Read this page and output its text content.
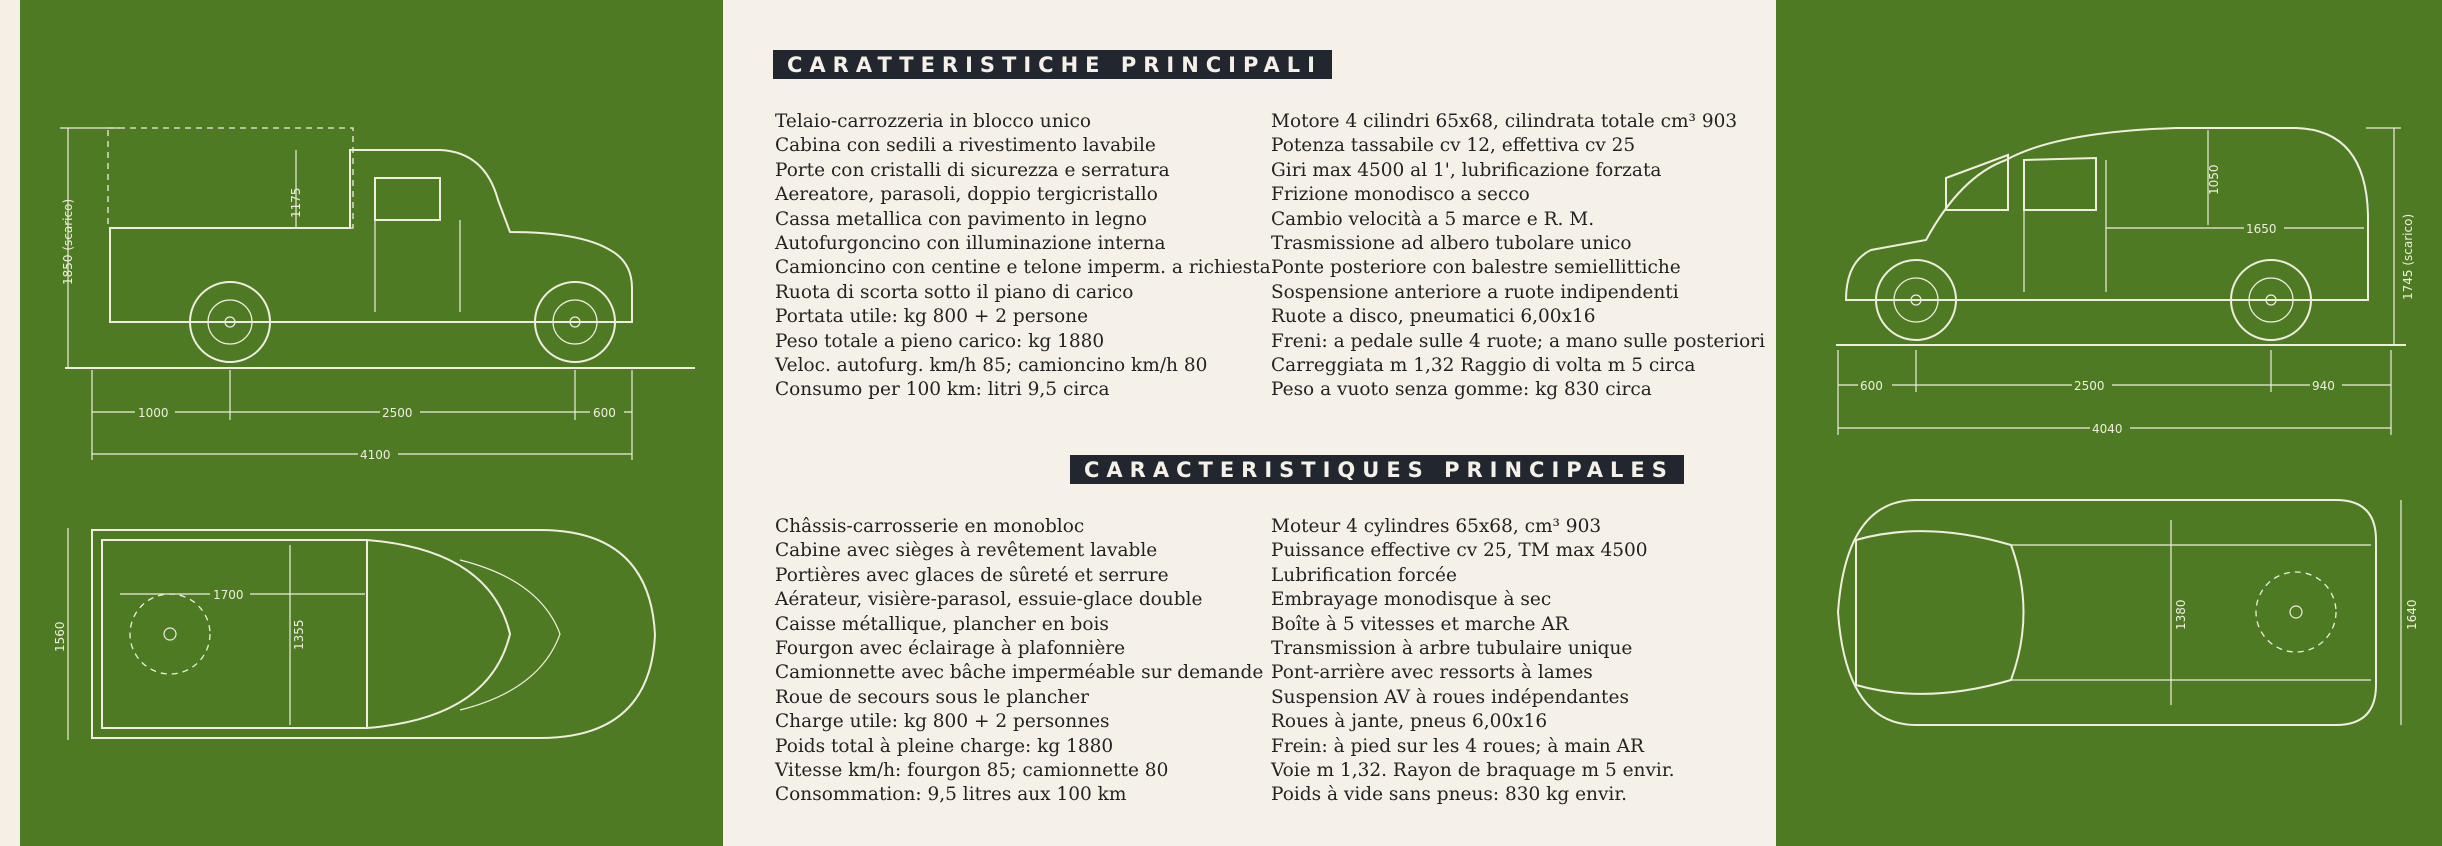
1850 (scarico)	1175
1000	2500	600
4100
1560
1700
1355
CARATTERISTICHE PRINCIPALI
Telaio-carrozzeria in blocco unico
Cabina con sedili a rivestimento lavabile
Porte con cristalli di sicurezza e serratura
Aereatore, parasoli, doppio tergicristallo
Cassa metallica con pavimento in legno
Autofurgoncino con illuminazione interna
Camioncino con centine e telone imperm. a richiesta
Ruota di scorta sotto il piano di carico
Portata utile: kg 800 + 2 persone
Peso totale a pieno carico: kg 1880
Veloc. autofurg. km/h 85; camioncino km/h 80
Consumo per 100 km: litri 9,5 circa
Motore 4 cilindri 65x68, cilindrata totale cm³ 903
Potenza tassabile cv 12, effettiva cv 25
Giri max 4500 al 1', lubrificazione forzata
Frizione monodisco a secco
Cambio velocità a 5 marce e R. M.
Trasmissione ad albero tubolare unico
Ponte posteriore con balestre semiellittiche
Sospensione anteriore a ruote indipendenti
Ruote a disco, pneumatici 6,00x16
Freni: a pedale sulle 4 ruote; a mano sulle posteriori
Carreggiata m 1,32 Raggio di volta m 5 circa
Peso a vuoto senza gomme: kg 830 circa
CARACTERISTIQUES PRINCIPALES
Châssis-carrosserie en monobloc
Cabine avec sièges à revêtement lavable
Portières avec glaces de sûreté et serrure
Aérateur, visière-parasol, essuie-glace double
Caisse métallique, plancher en bois
Fourgon avec éclairage à plafonnière
Camionnette avec bâche imperméable sur demande
Roue de secours sous le plancher
Charge utile: kg 800 + 2 personnes
Poids total à pleine charge: kg 1880
Vitesse km/h: fourgon 85; camionnette 80
Consommation: 9,5 litres aux 100 km
Moteur 4 cylindres 65x68, cm³ 903
Puissance effective cv 25, TM max 4500
Lubrification forcée
Embrayage monodisque à sec
Boîte à 5 vitesses et marche AR
Transmission à arbre tubulaire unique
Pont-arrière avec ressorts à lames
Suspension AV à roues indépendantes
Roues à jante, pneus 6,00x16
Frein: à pied sur les 4 roues; à main AR
Voie m 1,32. Rayon de braquage m 5 envir.
Poids à vide sans pneus: 830 kg envir.
1050
1650	1745 (scarico)
600	2500	940
4040
1380	1640
